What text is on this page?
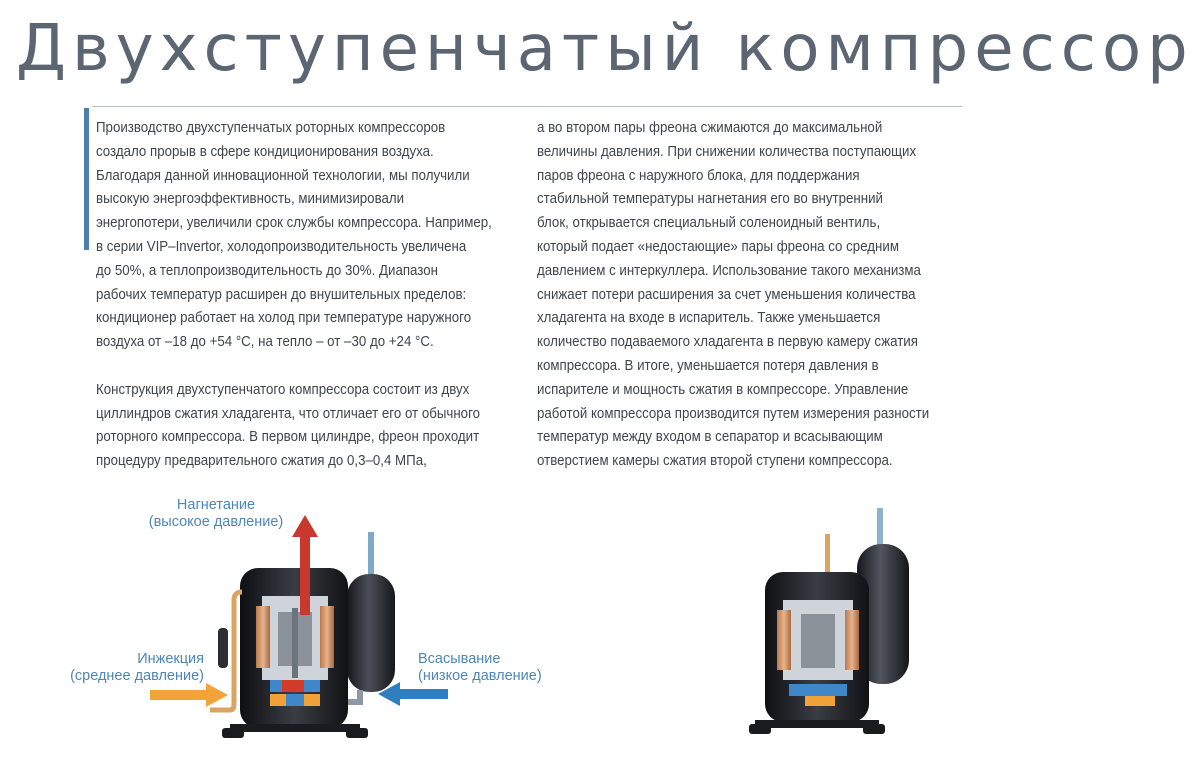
Двухступенчатый компрессор

Производство двухступенчатых роторных компрессоров

создало прорыв в сфере кондиционирования воздуха.

Благодаря данной инновационной технологии, мы получили

высокую энергоэффективность, минимизировали

энергопотери, увеличили срок службы компрессора. Например,

в серии VIP–Invertor, холодопроизводительность увеличена

до 50%, а теплопроизводительность до 30%. Диапазон

рабочих температур расширен до внушительных пределов:

кондиционер работает на холод при температуре наружного

воздуха от –18 до +54 °С, на тепло – от –30 до +24 °С.

Конструкция двухступенчатого компрессора состоит из двух

циллиндров сжатия хладагента, что отличает его от обычного

роторного компрессора. В первом цилиндре, фреон проходит

процедуру предварительного сжатия до 0,3–0,4 МПа,

а во втором пары фреона сжимаются до максимальной

величины давления. При снижении количества поступающих

паров фреона с наружного блока, для поддержания

стабильной температуры нагнетания его во внутренний

блок, открывается специальный соленоидный вентиль,

который подает «недостающие» пары фреона со средним

давлением с интеркуллера. Использование такого механизма

снижает потери расширения за счет уменьшения количества

хладагента на входе в испаритель. Также уменьшается

количество подаваемого хладагента в первую камеру сжатия

компрессора. В итоге, уменьшается потеря давления в

испарителе и мощность сжатия в компрессоре. Управление

работой компрессора производится путем измерения разности

температур между входом в сепаратор и всасывающим

отверстием камеры сжатия второй ступени компрессора.

Нагнетание
(высокое давление)
Инжекция
(среднее давление)
Всасывание
(низкое давление)
